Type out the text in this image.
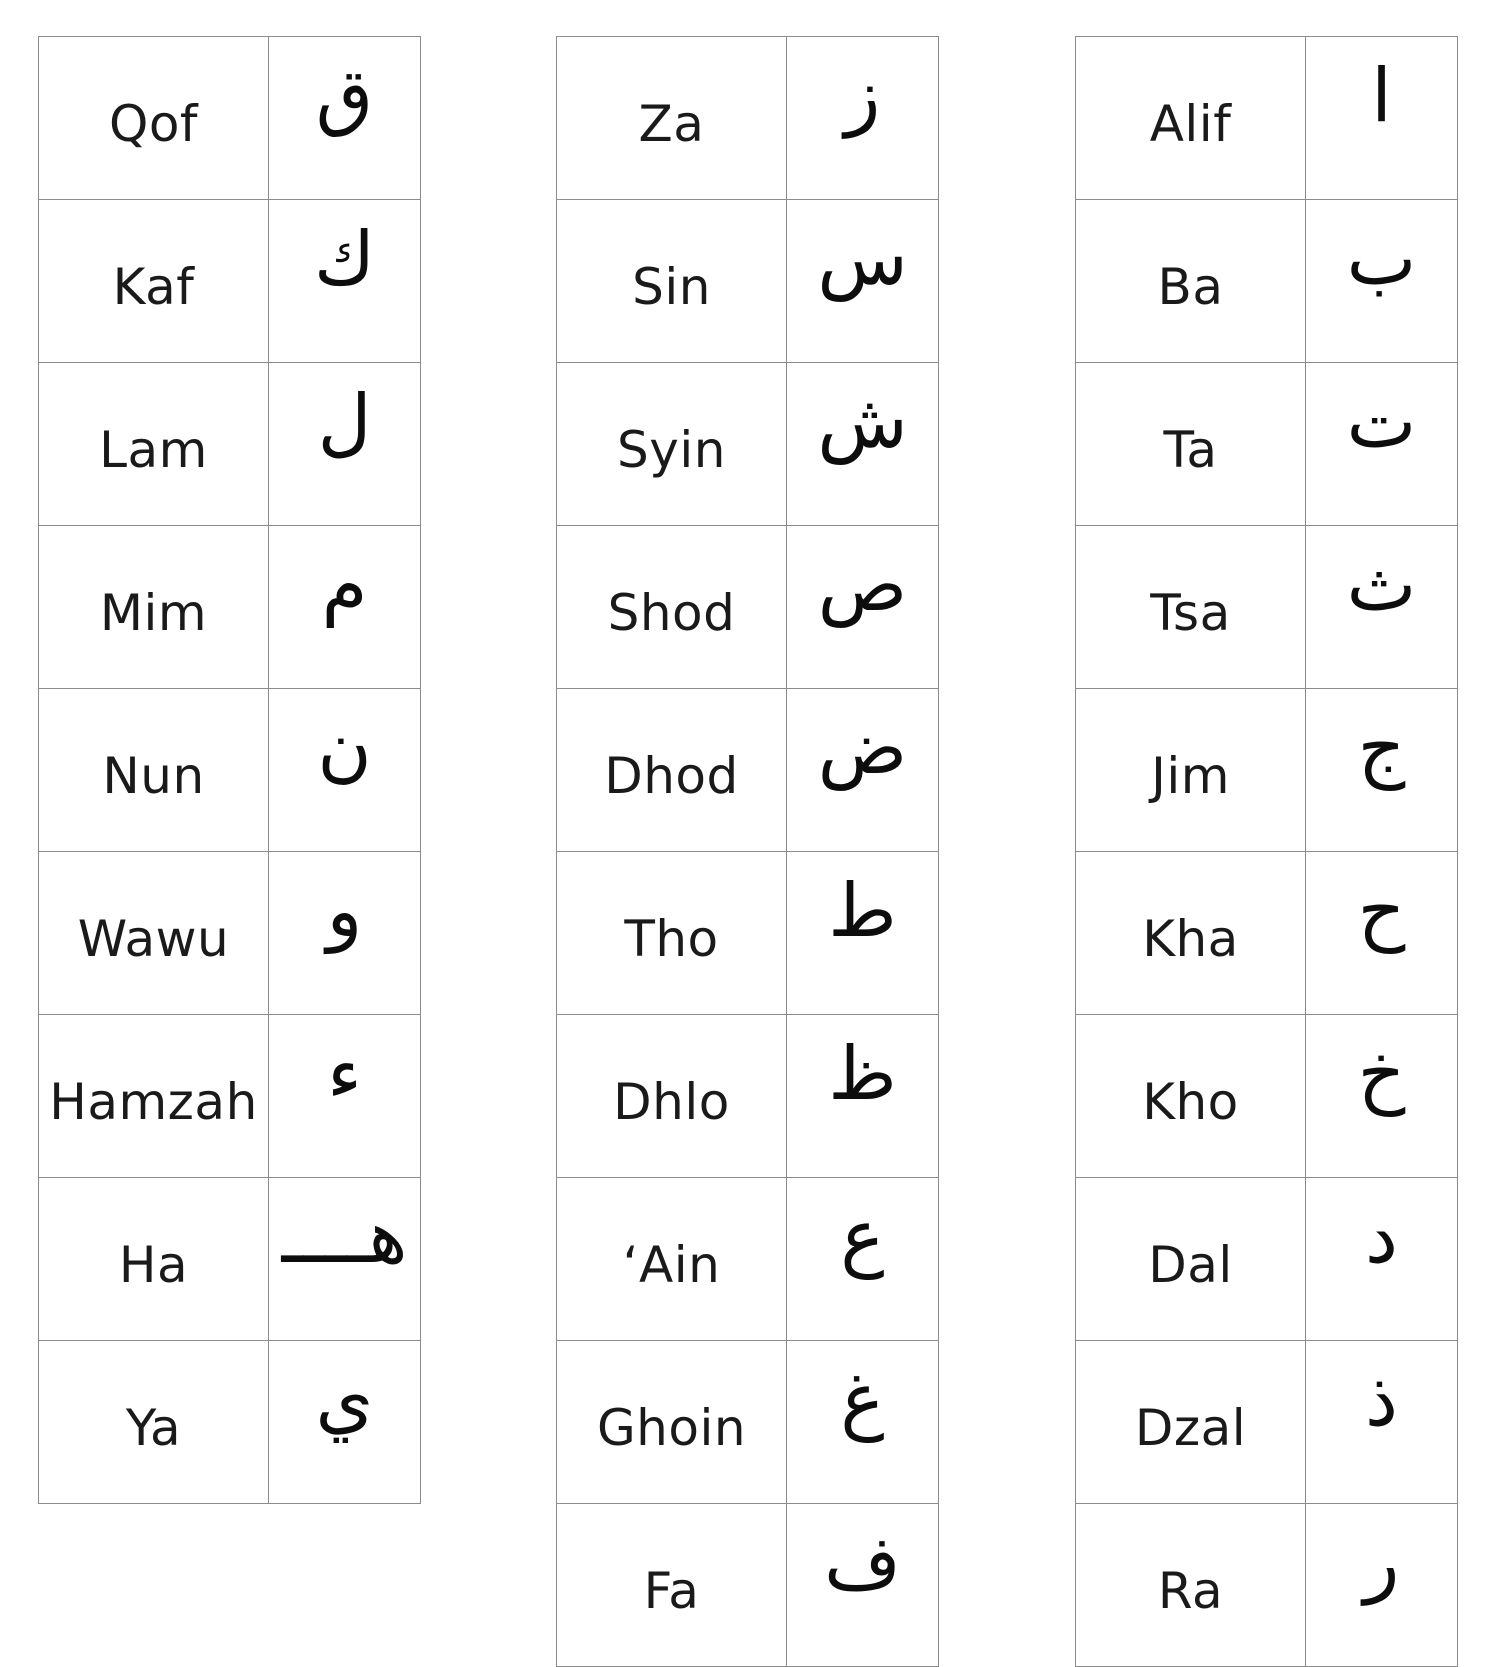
Qof	ق
Kaf	ك
Lam	ل
Mim	م
Nun	ن
Wawu	و
Hamzah	ء
Ha	هــــ
Ya	ي
Za	ز
Sin	س
Syin	ش
Shod	ص
Dhod	ض
Tho	ط
Dhlo	ظ
‘Ain	ع
Ghoin	غ
Fa	ف
Alif	ا
Ba	ب
Ta	ت
Tsa	ث
Jim	ج
Kha	ح
Kho	خ
Dal	د
Dzal	ذ
Ra	ر
